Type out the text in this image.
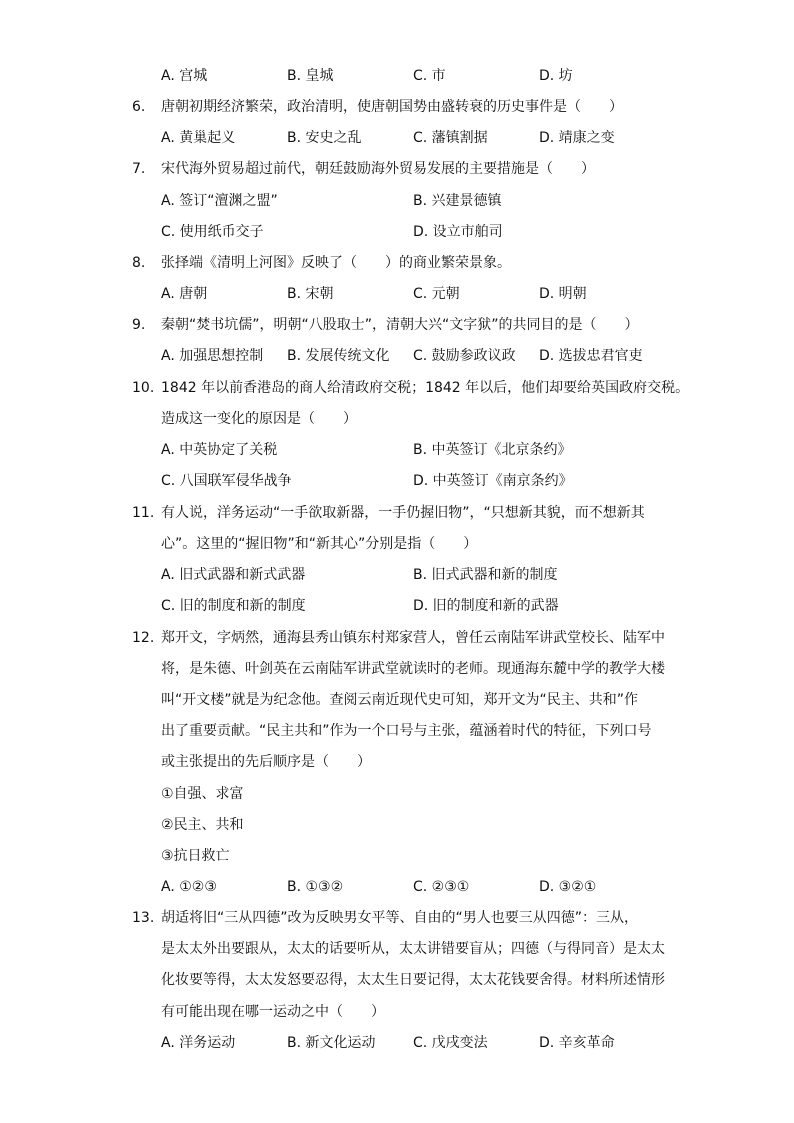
A. 宫城	B. 皇城	C. 市	D. 坊
6.	唐朝初期经济繁荣，政治清明，使唐朝国势由盛转衰的历史事件是（　　）
A. 黄巢起义	B. 安史之乱	C. 藩镇割据	D. 靖康之变
7.	宋代海外贸易超过前代，朝廷鼓励海外贸易发展的主要措施是（　　）
A. 签订“澶渊之盟”	B. 兴建景德镇
C. 使用纸币交子	D. 设立市舶司
8.	张择端《清明上河图》反映了（　　）的商业繁荣景象。
A. 唐朝	B. 宋朝	C. 元朝	D. 明朝
9.	秦朝“焚书坑儒”，明朝“八股取士”，清朝大兴“文字狱”的共同目的是（　　）
A. 加强思想控制 B. 发展传统文化 C. 鼓励参政议政 D. 选拔忠君官吏
10. 1842 年以前香港岛的商人给清政府交税；1842 年以后，他们却要给英国政府交税。
造成这一变化的原因是（　　）
A. 中英协定了关税	B. 中英签订《北京条约》
C. 八国联军侵华战争	D. 中英签订《南京条约》
11. 有人说，洋务运动“一手欲取新器，一手仍握旧物”，“只想新其貌，而不想新其
心”。这里的“握旧物”和“新其心”分别是指（　　）
A. 旧式武器和新式武器	B. 旧式武器和新的制度
C. 旧的制度和新的制度	D. 旧的制度和新的武器
12. 郑开文，字炳然，通海县秀山镇东村郑家营人，曾任云南陆军讲武堂校长、陆军中
将，是朱德、叶剑英在云南陆军讲武堂就读时的老师。现通海东麓中学的教学大楼
叫“开文楼”就是为纪念他。查阅云南近现代史可知，郑开文为“民主、共和”作
出了重要贡献。“民主共和”作为一个口号与主张，蕴涵着时代的特征，下列口号
或主张提出的先后顺序是（　　）
①自强、求富
②民主、共和
③抗日救亡
A. ①②③	B. ①③②	C. ②③①	D. ③②①
13. 胡适将旧“三从四德”改为反映男女平等、自由的“男人也要三从四德”：三从，
是太太外出要跟从，太太的话要听从，太太讲错要盲从；四德（与得同音）是太太
化妆要等得，太太发怒要忍得，太太生日要记得，太太花钱要舍得。材料所述情形
有可能出现在哪一运动之中（　　）
A. 洋务运动	B. 新文化运动	C. 戊戌变法	D. 辛亥革命
